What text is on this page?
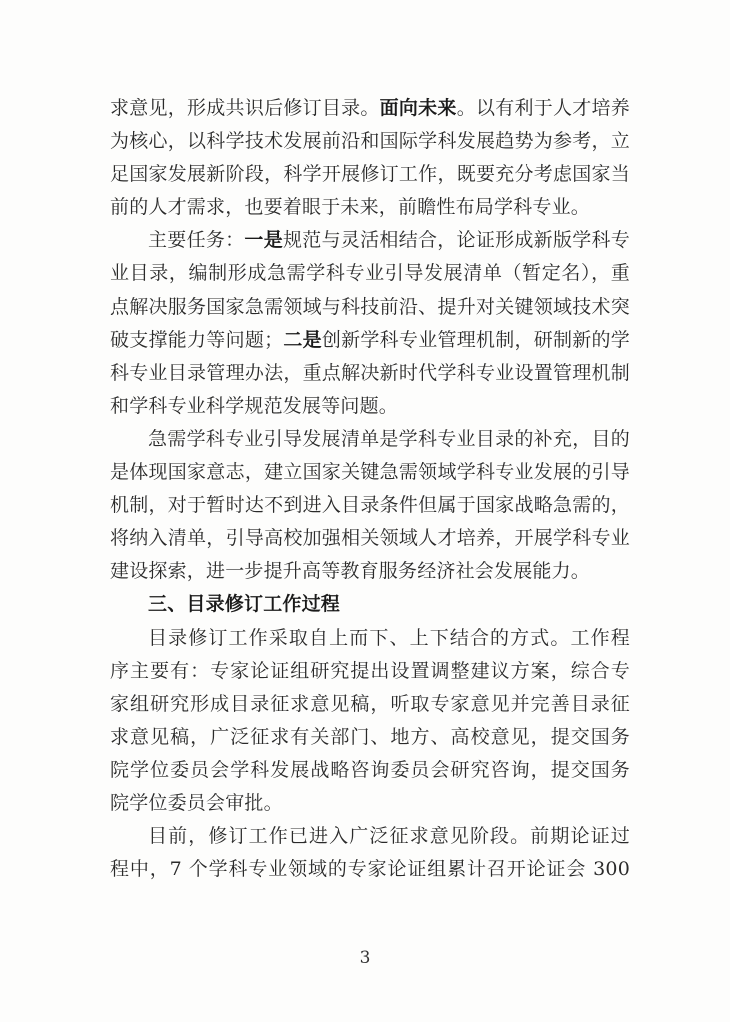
求意见，形成共识后修订目录。面向未来。以有利于人才培养
为核心，以科学技术发展前沿和国际学科发展趋势为参考，立
足国家发展新阶段，科学开展修订工作，既要充分考虑国家当
前的人才需求，也要着眼于未来，前瞻性布局学科专业。
主要任务：一是规范与灵活相结合，论证形成新版学科专
业目录，编制形成急需学科专业引导发展清单（暂定名），重
点解决服务国家急需领域与科技前沿、提升对关键领域技术突
破支撑能力等问题；二是创新学科专业管理机制，研制新的学
科专业目录管理办法，重点解决新时代学科专业设置管理机制
和学科专业科学规范发展等问题。
急需学科专业引导发展清单是学科专业目录的补充，目的
是体现国家意志，建立国家关键急需领域学科专业发展的引导
机制，对于暂时达不到进入目录条件但属于国家战略急需的，
将纳入清单，引导高校加强相关领域人才培养，开展学科专业
建设探索，进一步提升高等教育服务经济社会发展能力。
三、目录修订工作过程
目录修订工作采取自上而下、上下结合的方式。工作程
序主要有：专家论证组研究提出设置调整建议方案，综合专
家组研究形成目录征求意见稿，听取专家意见并完善目录征
求意见稿，广泛征求有关部门、地方、高校意见，提交国务
院学位委员会学科发展战略咨询委员会研究咨询，提交国务
院学位委员会审批。
目前，修订工作已进入广泛征求意见阶段。前期论证过
程中，7 个学科专业领域的专家论证组累计召开论证会 300
3
